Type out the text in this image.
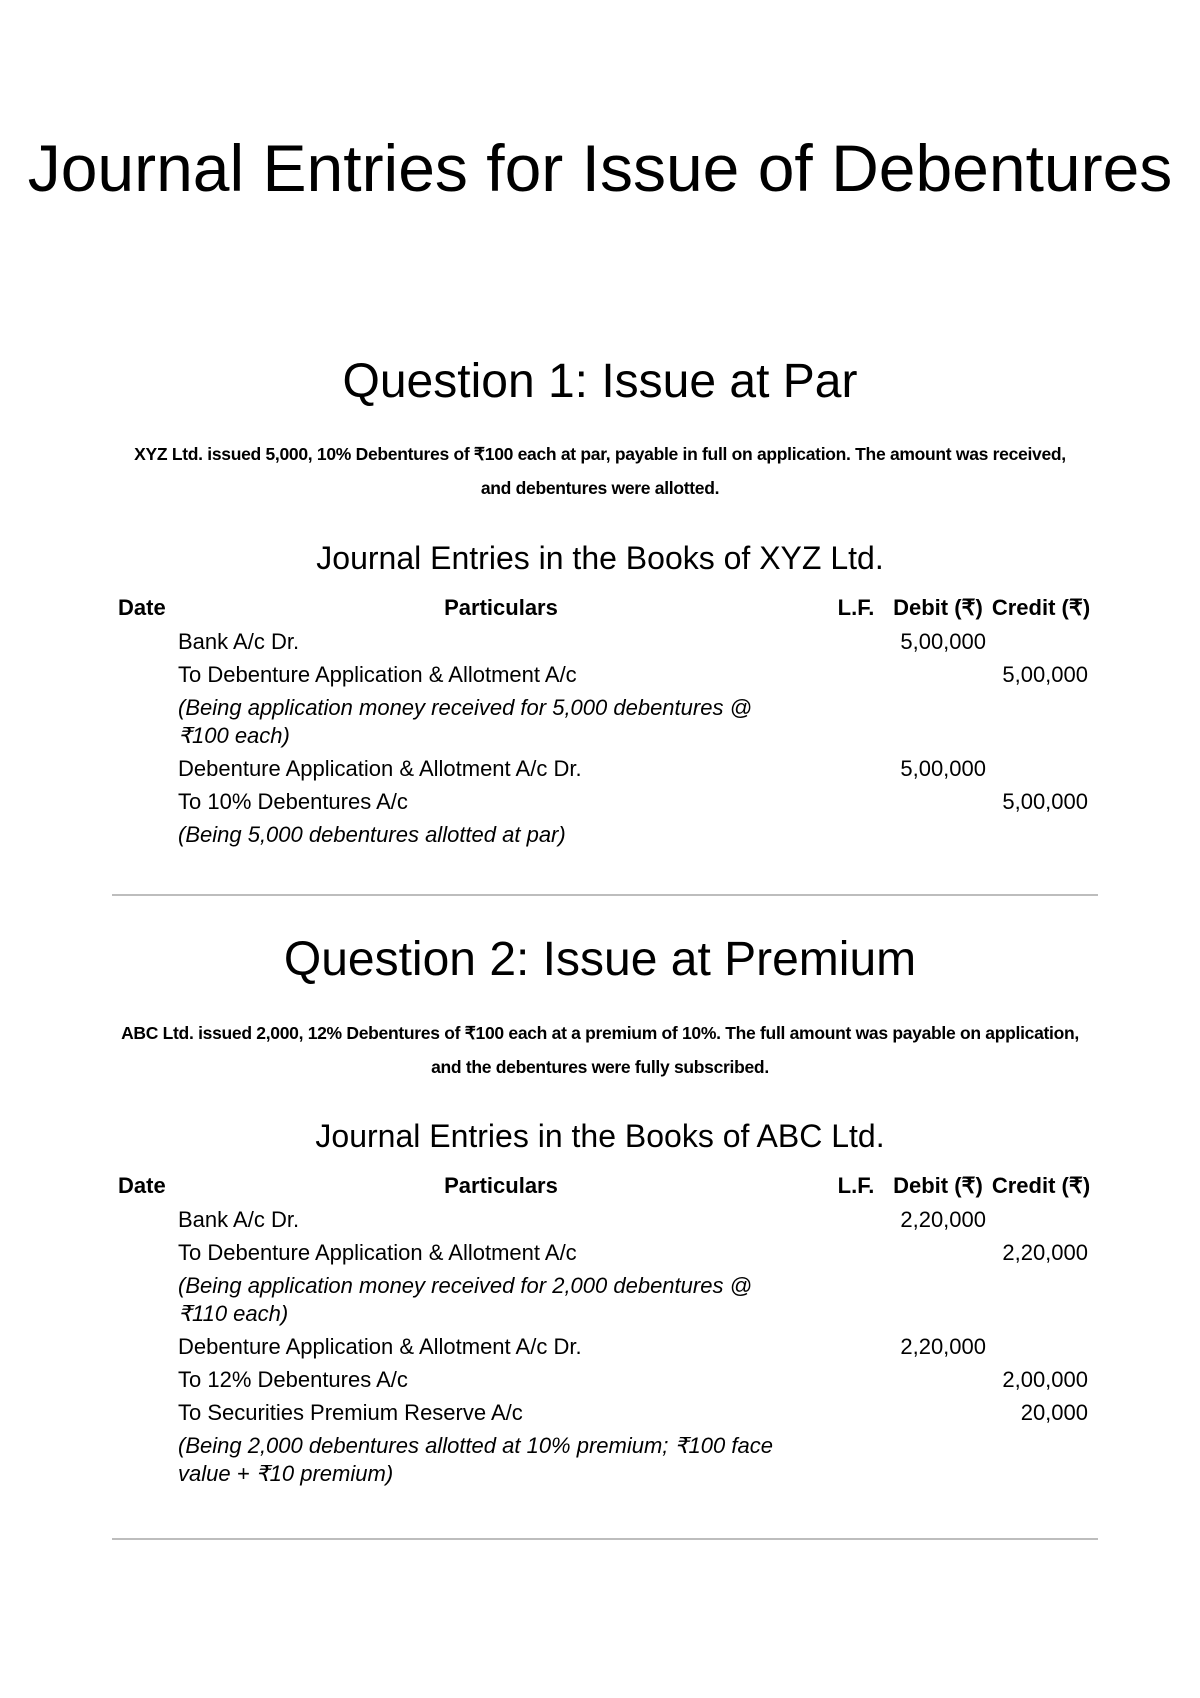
Journal Entries for Issue of Debentures
Question 1: Issue at Par

XYZ Ltd. issued 5,000, 10% Debentures of ₹100 each at par, payable in full on application. The amount was received, and debentures were allotted.

Journal Entries in the Books of XYZ Ltd.
Date	Particulars	L.F.	Debit (₹)	Credit (₹)
	Bank A/c Dr.		5,00,000	
	To Debenture Application & Allotment A/c			5,00,000
	(Being application money received for 5,000 debentures @ ₹100 each)			
	Debenture Application & Allotment A/c Dr.		5,00,000	
	To 10% Debentures A/c			5,00,000
	(Being 5,000 debentures allotted at par)			
Question 2: Issue at Premium

ABC Ltd. issued 2,000, 12% Debentures of ₹100 each at a premium of 10%. The full amount was payable on application, and the debentures were fully subscribed.

Journal Entries in the Books of ABC Ltd.
Date	Particulars	L.F.	Debit (₹)	Credit (₹)
	Bank A/c Dr.		2,20,000	
	To Debenture Application & Allotment A/c			2,20,000
	(Being application money received for 2,000 debentures @ ₹110 each)			
	Debenture Application & Allotment A/c Dr.		2,20,000	
	To 12% Debentures A/c			2,00,000
	To Securities Premium Reserve A/c			20,000
	(Being 2,000 debentures allotted at 10% premium; ₹100 face value + ₹10 premium)			
